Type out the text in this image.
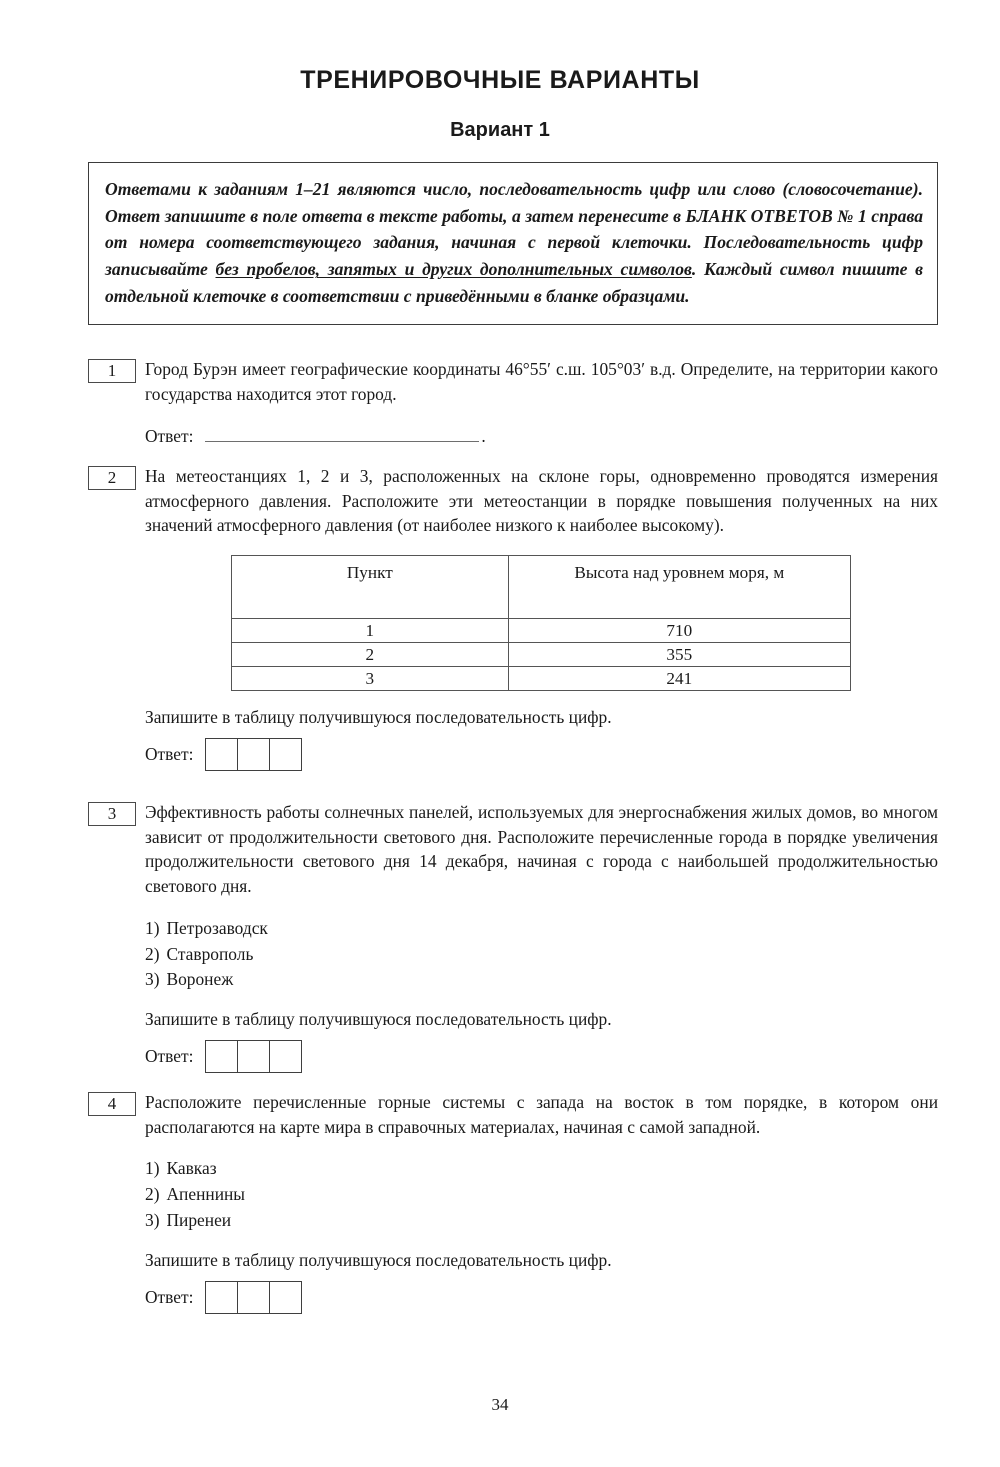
ТРЕНИРОВОЧНЫЕ ВАРИАНТЫ
Вариант 1
Ответами к заданиям 1–21 являются число, последовательность цифр или слово (словосочетание). Ответ запишите в поле ответа в тексте работы, а затем перенесите в БЛАНК ОТВЕТОВ № 1 справа от номера соответствующего задания, начиная с первой клеточки. Последовательность цифр записывайте без пробелов, запятых и других дополнительных символов. Каждый символ пишите в отдельной клеточке в соответствии с приведёнными в бланке образцами.
1	Город Бурэн имеет географические координаты 46°55′ с.ш. 105°03′ в.д. Определите, на территории какого государства находится этот город.
Ответ:	.
2	На метеостанциях 1, 2 и 3, расположенных на склоне горы, одновременно проводятся измерения атмосферного давления. Расположите эти метеостанции в порядке повышения полученных на них значений атмосферного давления (от наиболее низкого к наиболее высокому).
Пункт	Высота над уровнем моря, м
1	710
2	355
3	241
Запишите в таблицу получившуюся последовательность цифр.
Ответ:
3	Эффективность работы солнечных панелей, используемых для энергоснабжения жилых домов, во многом зависит от продолжительности светового дня. Расположите перечисленные города в порядке увеличения продолжительности светового дня 14 декабря, начиная с города с наибольшей продолжительностью светового дня.
1) Петрозаводск
2) Ставрополь
3) Воронеж
Запишите в таблицу получившуюся последовательность цифр.
Ответ:
4	Расположите перечисленные горные системы с запада на восток в том порядке, в котором они располагаются на карте мира в справочных материалах, начиная с самой западной.
1) Кавказ
2) Апеннины
3) Пиренеи
Запишите в таблицу получившуюся последовательность цифр.
Ответ:
34
